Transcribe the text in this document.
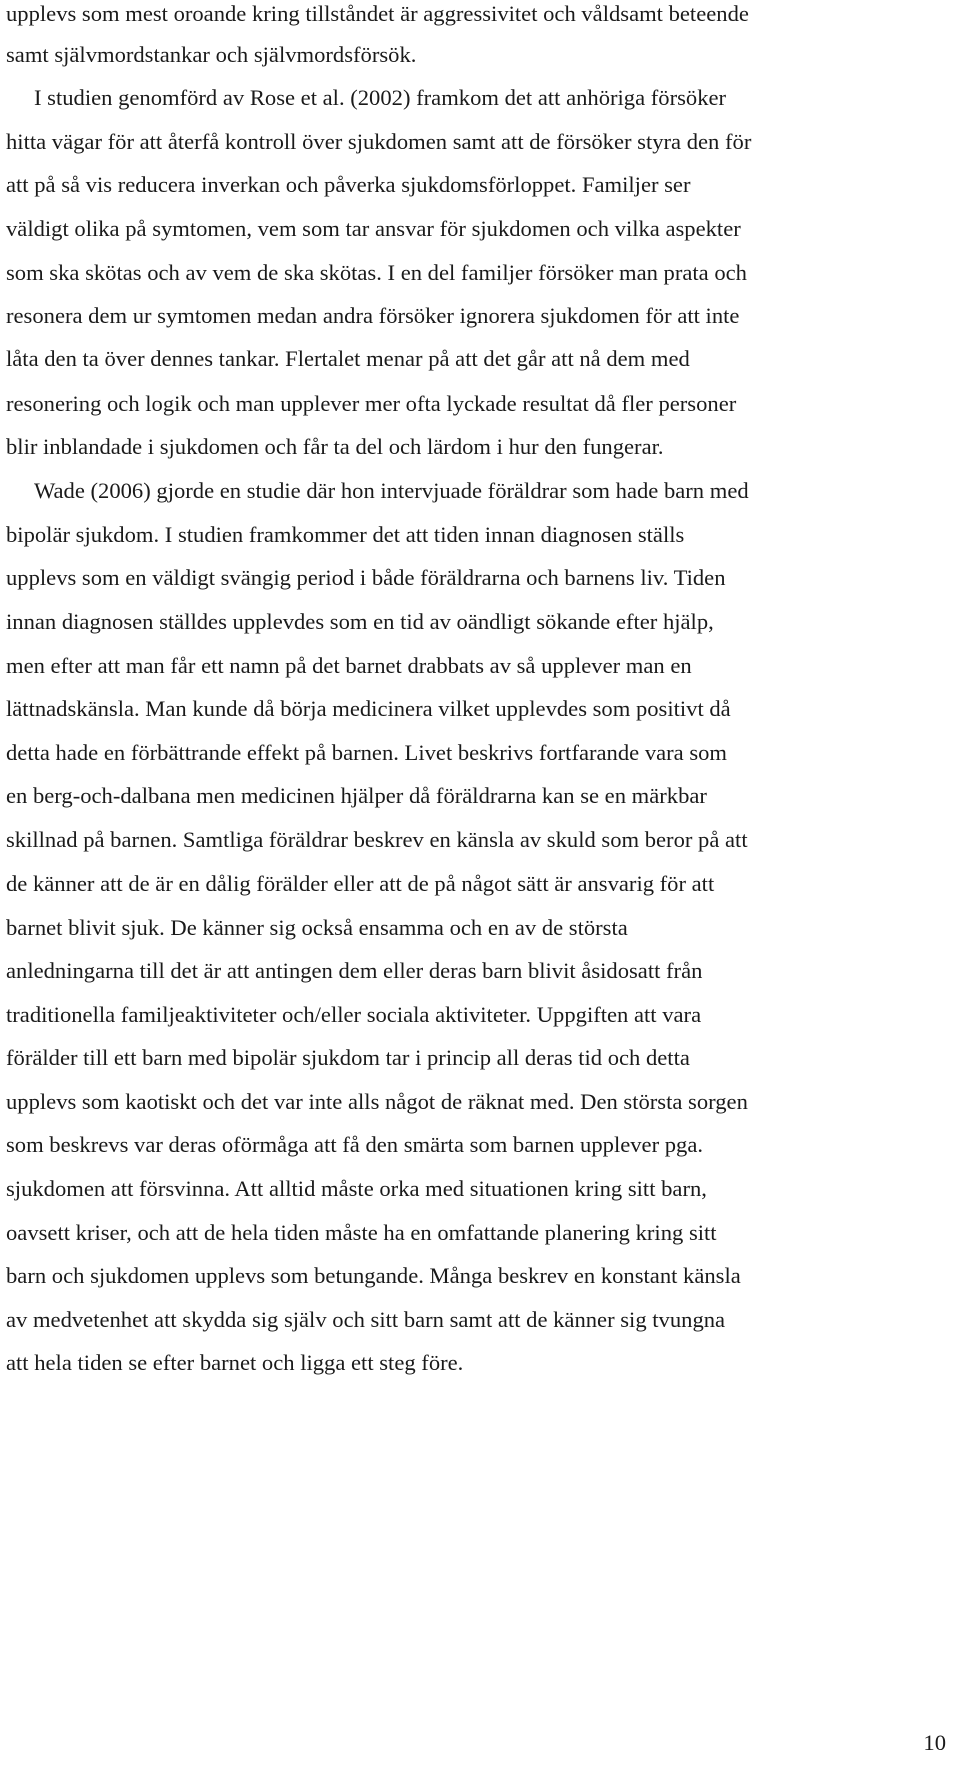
upplevs som mest oroande kring tillståndet är aggressivitet och våldsamt beteende
samt självmordstankar och självmordsförsök.
I studien genomförd av Rose et al. (2002) framkom det att anhöriga försöker
hitta vägar för att återfå kontroll över sjukdomen samt att de försöker styra den för
att på så vis reducera inverkan och påverka sjukdomsförloppet. Familjer ser
väldigt olika på symtomen, vem som tar ansvar för sjukdomen och vilka aspekter
som ska skötas och av vem de ska skötas. I en del familjer försöker man prata och
resonera dem ur symtomen medan andra försöker ignorera sjukdomen för att inte
låta den ta över dennes tankar. Flertalet menar på att det går att nå dem med
resonering och logik och man upplever mer ofta lyckade resultat då fler personer
blir inblandade i sjukdomen och får ta del och lärdom i hur den fungerar.
Wade (2006) gjorde en studie där hon intervjuade föräldrar som hade barn med
bipolär sjukdom. I studien framkommer det att tiden innan diagnosen ställs
upplevs som en väldigt svängig period i både föräldrarna och barnens liv. Tiden
innan diagnosen ställdes upplevdes som en tid av oändligt sökande efter hjälp,
men efter att man får ett namn på det barnet drabbats av så upplever man en
lättnadskänsla. Man kunde då börja medicinera vilket upplevdes som positivt då
detta hade en förbättrande effekt på barnen. Livet beskrivs fortfarande vara som
en berg-och-dalbana men medicinen hjälper då föräldrarna kan se en märkbar
skillnad på barnen. Samtliga föräldrar beskrev en känsla av skuld som beror på att
de känner att de är en dålig förälder eller att de på något sätt är ansvarig för att
barnet blivit sjuk. De känner sig också ensamma och en av de största
anledningarna till det är att antingen dem eller deras barn blivit åsidosatt från
traditionella familjeaktiviteter och/eller sociala aktiviteter. Uppgiften att vara
förälder till ett barn med bipolär sjukdom tar i princip all deras tid och detta
upplevs som kaotiskt och det var inte alls något de räknat med. Den största sorgen
som beskrevs var deras oförmåga att få den smärta som barnen upplever pga.
sjukdomen att försvinna. Att alltid måste orka med situationen kring sitt barn,
oavsett kriser, och att de hela tiden måste ha en omfattande planering kring sitt
barn och sjukdomen upplevs som betungande. Många beskrev en konstant känsla
av medvetenhet att skydda sig själv och sitt barn samt att de känner sig tvungna
att hela tiden se efter barnet och ligga ett steg före.
10
